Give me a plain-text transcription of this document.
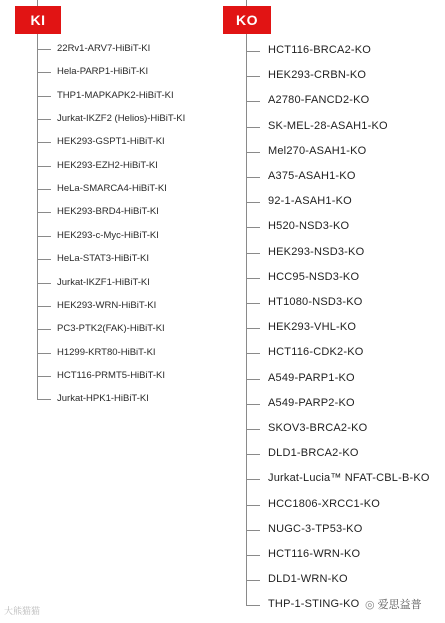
KI	KO
22Rv1-ARV7-HiBiT-KI
Hela-PARP1-HiBiT-KI
THP1-MAPKAPK2-HiBiT-KI
Jurkat-IKZF2 (Helios)-HiBiT-KI
HEK293-GSPT1-HiBiT-KI
HEK293-EZH2-HiBiT-KI
HeLa-SMARCA4-HiBiT-KI
HEK293-BRD4-HiBiT-KI
HEK293-c-Myc-HiBiT-KI
HeLa-STAT3-HiBiT-KI
Jurkat-IKZF1-HiBiT-KI
HEK293-WRN-HiBiT-KI
PC3-PTK2(FAK)-HiBiT-KI
H1299-KRT80-HiBiT-KI
HCT116-PRMT5-HiBiT-KI
Jurkat-HPK1-HiBiT-KI
HCT116-BRCA2-KO
HEK293-CRBN-KO
A2780-FANCD2-KO
SK-MEL-28-ASAH1-KO
Mel270-ASAH1-KO
A375-ASAH1-KO
92-1-ASAH1-KO
H520-NSD3-KO
HEK293-NSD3-KO
HCC95-NSD3-KO
HT1080-NSD3-KO
HEK293-VHL-KO
HCT116-CDK2-KO
A549-PARP1-KO
A549-PARP2-KO
SKOV3-BRCA2-KO
DLD1-BRCA2-KO
Jurkat-Lucia™ NFAT-CBL-B-KO
HCC1806-XRCC1-KO
NUGC-3-TP53-KO
HCT116-WRN-KO
DLD1-WRN-KO
THP-1-STING-KO
大熊猫猫
◎ 爱思益普
